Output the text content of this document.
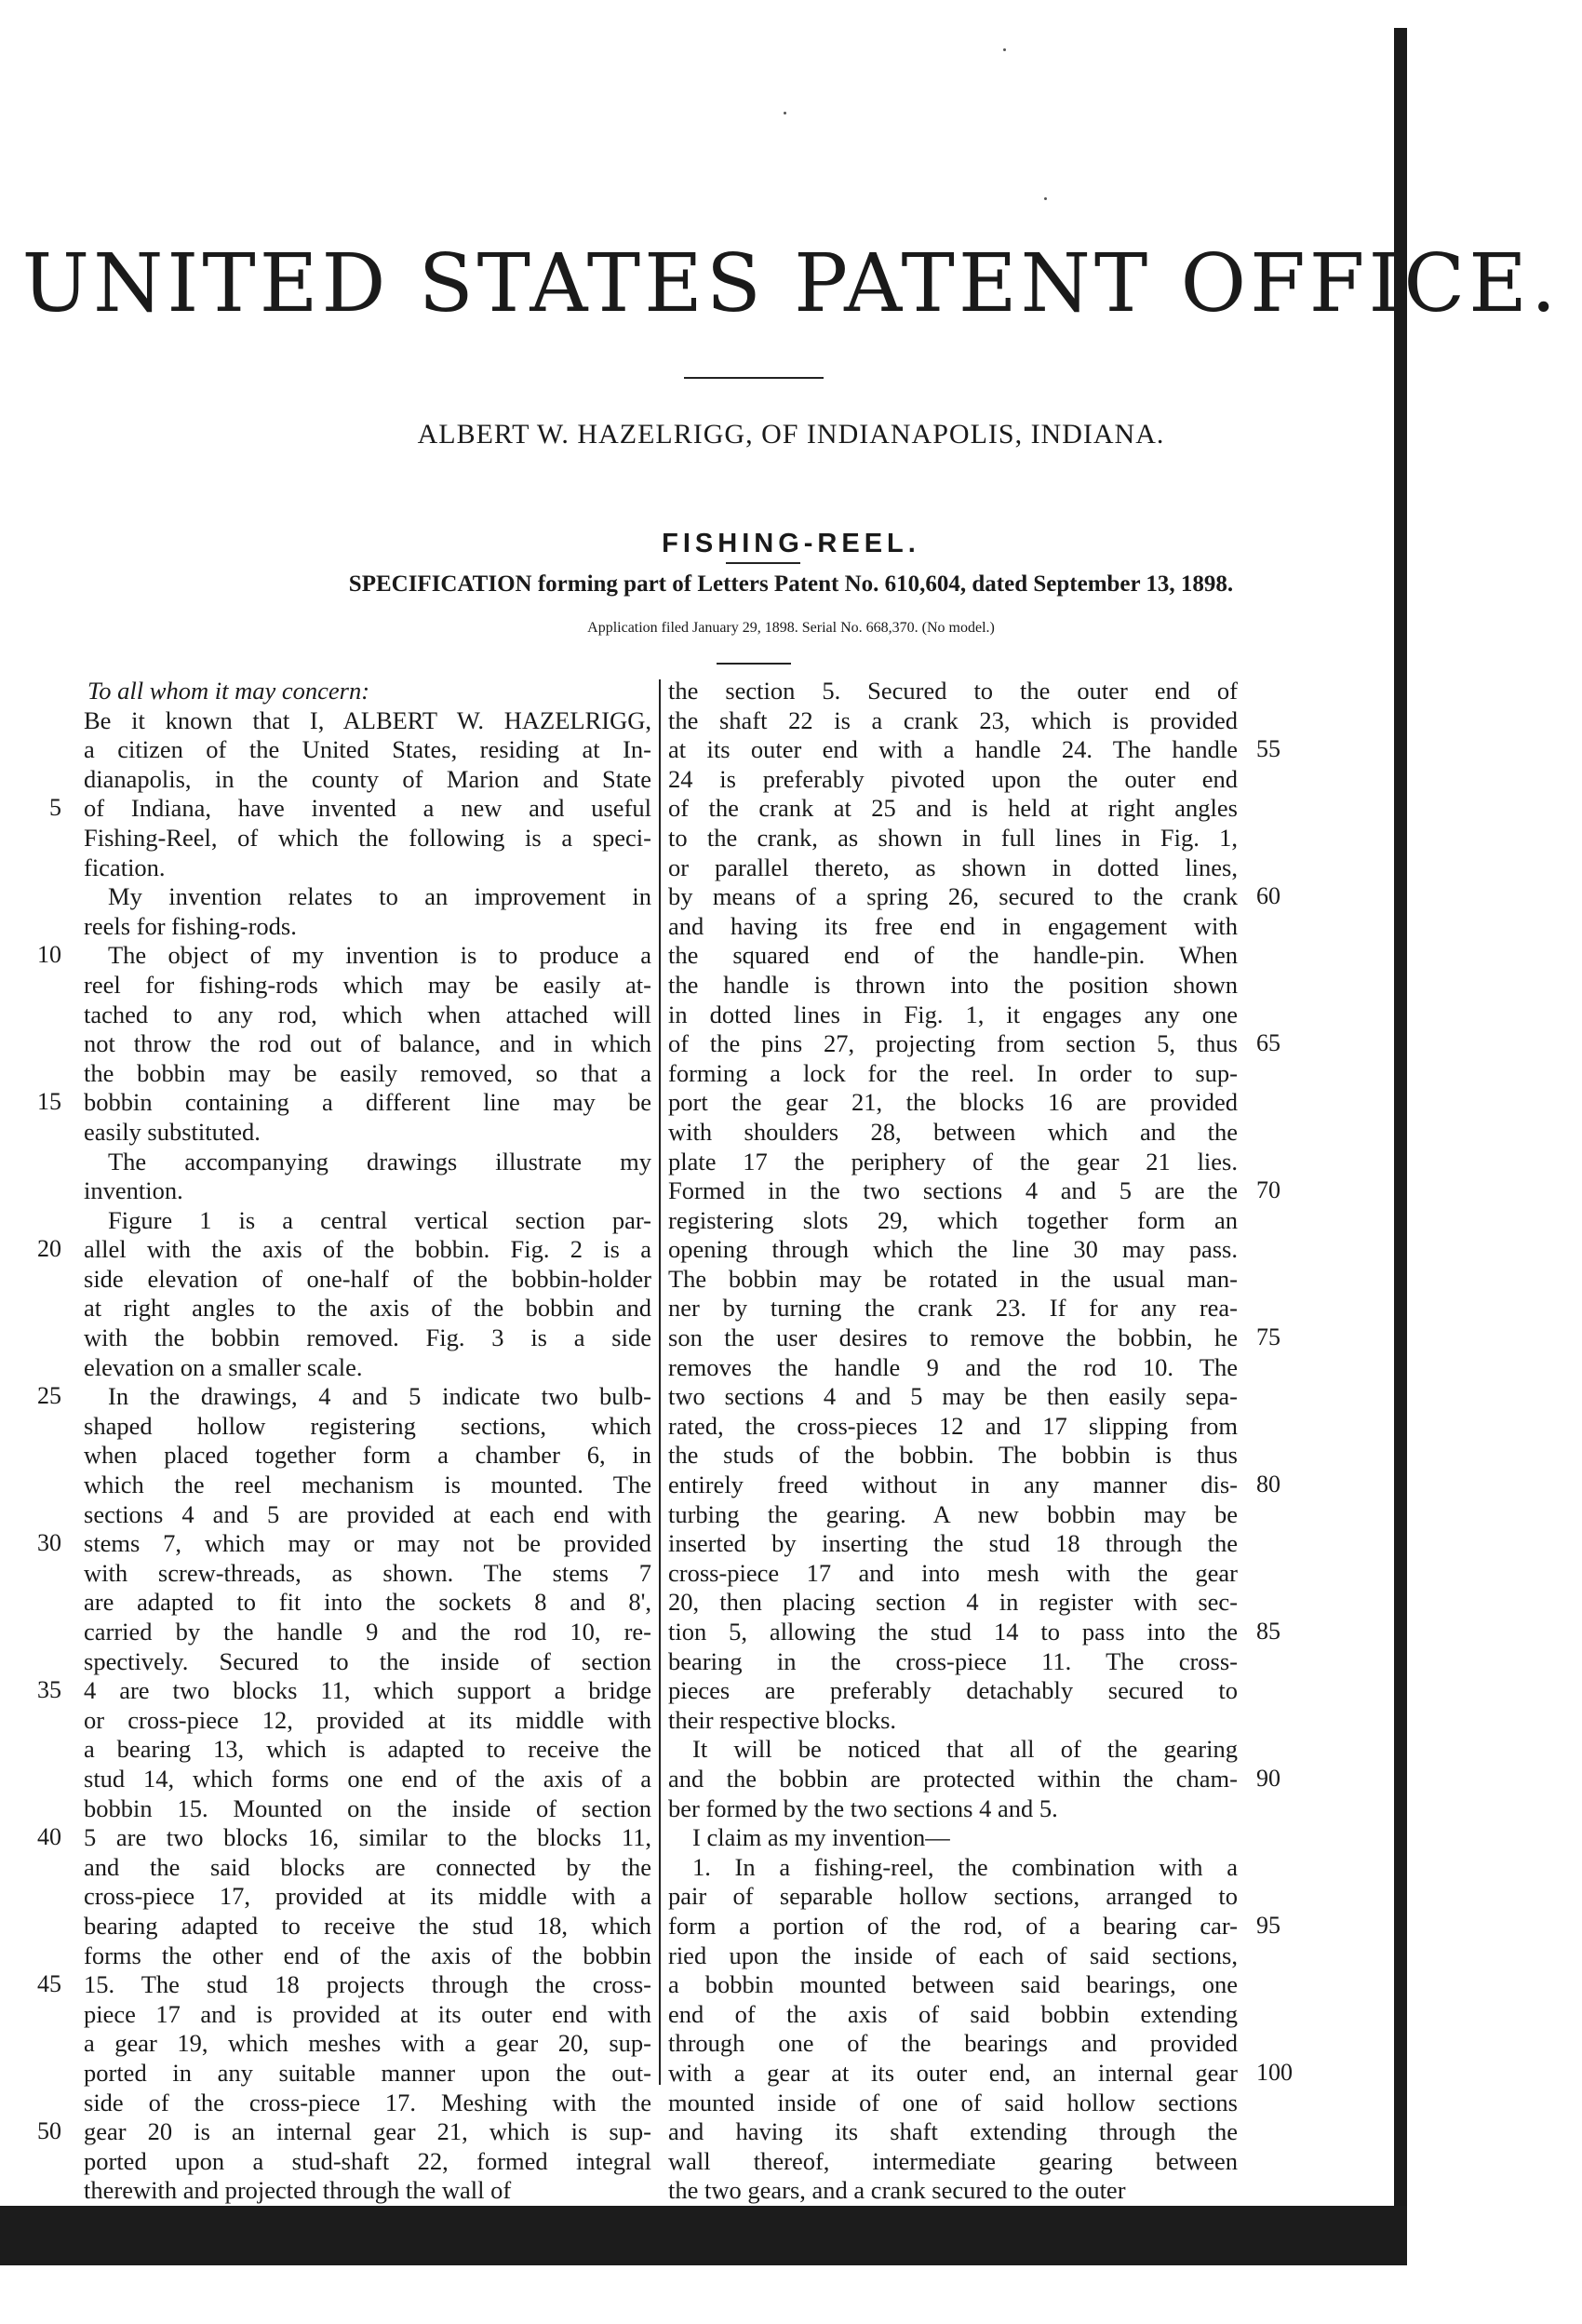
UNITED STATES PATENT OFFICE.
ALBERT W. HAZELRIGG, OF INDIANAPOLIS, INDIANA.
FISHING-REEL.
SPECIFICATION forming part of Letters Patent No. 610,604, dated September 13, 1898.
Application filed January 29, 1898. Serial No. 668,370. (No model.)
To all whom it may concern:
Be it known that I, ALBERT W. HAZELRIGG,
a citizen of the United States, residing at In-
dianapolis, in the county of Marion and State
of Indiana, have invented a new and useful
Fishing-Reel, of which the following is a speci-
fication.
My invention relates to an improvement in
reels for fishing-rods.
The object of my invention is to produce a
reel for fishing-rods which may be easily at-
tached to any rod, which when attached will
not throw the rod out of balance, and in which
the bobbin may be easily removed, so that a
bobbin containing a different line may be
easily substituted.
The accompanying drawings illustrate my
invention.
Figure 1 is a central vertical section par-
allel with the axis of the bobbin. Fig. 2 is a
side elevation of one-half of the bobbin-holder
at right angles to the axis of the bobbin and
with the bobbin removed. Fig. 3 is a side
elevation on a smaller scale.
In the drawings, 4 and 5 indicate two bulb-
shaped hollow registering sections, which
when placed together form a chamber 6, in
which the reel mechanism is mounted. The
sections 4 and 5 are provided at each end with
stems 7, which may or may not be provided
with screw-threads, as shown. The stems 7
are adapted to fit into the sockets 8 and 8',
carried by the handle 9 and the rod 10, re-
spectively. Secured to the inside of section
4 are two blocks 11, which support a bridge
or cross-piece 12, provided at its middle with
a bearing 13, which is adapted to receive the
stud 14, which forms one end of the axis of a
bobbin 15. Mounted on the inside of section
5 are two blocks 16, similar to the blocks 11,
and the said blocks are connected by the
cross-piece 17, provided at its middle with a
bearing adapted to receive the stud 18, which
forms the other end of the axis of the bobbin
15. The stud 18 projects through the cross-
piece 17 and is provided at its outer end with
a gear 19, which meshes with a gear 20, sup-
ported in any suitable manner upon the out-
side of the cross-piece 17. Meshing with the
gear 20 is an internal gear 21, which is sup-
ported upon a stud-shaft 22, formed integral
therewith and projected through the wall of
the section 5. Secured to the outer end of
the shaft 22 is a crank 23, which is provided
at its outer end with a handle 24. The handle
24 is preferably pivoted upon the outer end
of the crank at 25 and is held at right angles
to the crank, as shown in full lines in Fig. 1,
or parallel thereto, as shown in dotted lines,
by means of a spring 26, secured to the crank
and having its free end in engagement with
the squared end of the handle-pin. When
the handle is thrown into the position shown
in dotted lines in Fig. 1, it engages any one
of the pins 27, projecting from section 5, thus
forming a lock for the reel. In order to sup-
port the gear 21, the blocks 16 are provided
with shoulders 28, between which and the
plate 17 the periphery of the gear 21 lies.
Formed in the two sections 4 and 5 are the
registering slots 29, which together form an
opening through which the line 30 may pass.
The bobbin may be rotated in the usual man-
ner by turning the crank 23. If for any rea-
son the user desires to remove the bobbin, he
removes the handle 9 and the rod 10. The
two sections 4 and 5 may be then easily sepa-
rated, the cross-pieces 12 and 17 slipping from
the studs of the bobbin. The bobbin is thus
entirely freed without in any manner dis-
turbing the gearing. A new bobbin may be
inserted by inserting the stud 18 through the
cross-piece 17 and into mesh with the gear
20, then placing section 4 in register with sec-
tion 5, allowing the stud 14 to pass into the
bearing in the cross-piece 11. The cross-
pieces are preferably detachably secured to
their respective blocks.
It will be noticed that all of the gearing
and the bobbin are protected within the cham-
ber formed by the two sections 4 and 5.
I claim as my invention—
1. In a fishing-reel, the combination with a
pair of separable hollow sections, arranged to
form a portion of the rod, of a bearing car-
ried upon the inside of each of said sections,
a bobbin mounted between said bearings, one
end of the axis of said bobbin extending
through one of the bearings and provided
with a gear at its outer end, an internal gear
mounted inside of one of said hollow sections
and having its shaft extending through the
wall thereof, intermediate gearing between
the two gears, and a crank secured to the outer
5
10
15
20
25
30
35
40
45
50
55
60
65
70
75
80
85
90
95
100
